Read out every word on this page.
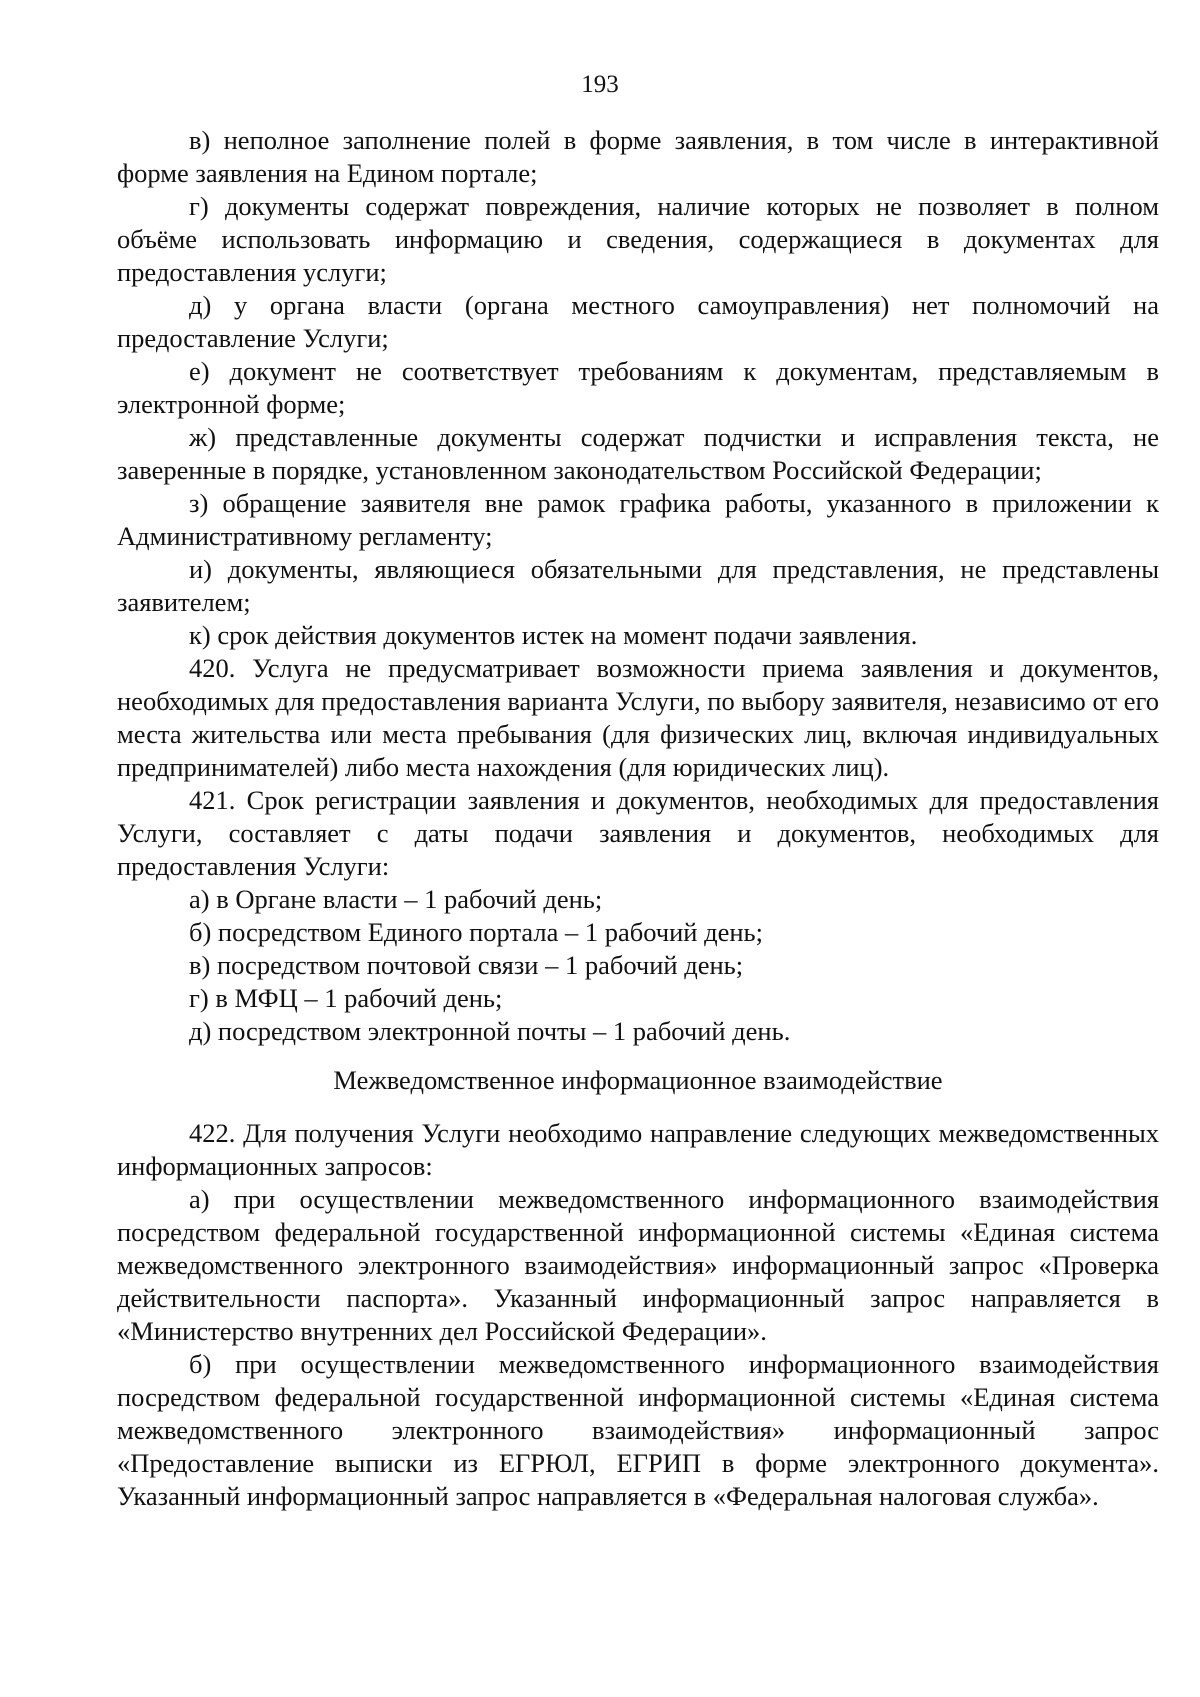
193

в) неполное заполнение полей в форме заявления, в том числе в интерактивной форме заявления на Едином портале;

г) документы содержат повреждения, наличие которых не позволяет в полном объёме использовать информацию и сведения, содержащиеся в документах для предоставления услуги;

д) у органа власти (органа местного самоуправления) нет полномочий на предоставление Услуги;

е) документ не соответствует требованиям к документам, представляемым в электронной форме;

ж) представленные документы содержат подчистки и исправления текста, не заверенные в порядке, установленном законодательством Российской Федерации;

з) обращение заявителя вне рамок графика работы, указанного в приложении к Административному регламенту;

и) документы, являющиеся обязательными для представления, не представлены заявителем;

к) срок действия документов истек на момент подачи заявления.

420. Услуга не предусматривает возможности приема заявления и документов, необходимых для предоставления варианта Услуги, по выбору заявителя, независимо от его места жительства или места пребывания (для физических лиц, включая индивидуальных предпринимателей) либо места нахождения (для юридических лиц).

421. Срок регистрации заявления и документов, необходимых для предоставления Услуги, составляет с даты подачи заявления и документов, необходимых для предоставления Услуги:

а) в Органе власти – 1 рабочий день;

б) посредством Единого портала – 1 рабочий день;

в) посредством почтовой связи – 1 рабочий день;

г) в МФЦ – 1 рабочий день;

д) посредством электронной почты – 1 рабочий день.

Межведомственное информационное взаимодействие

422. Для получения Услуги необходимо направление следующих межведомственных информационных запросов:

а) при осуществлении межведомственного информационного взаимодействия посредством федеральной государственной информационной системы «Единая система межведомственного электронного взаимодействия» информационный запрос «Проверка действительности паспорта». Указанный информационный запрос направляется в «Министерство внутренних дел Российской Федерации».

б) при осуществлении межведомственного информационного взаимодействия посредством федеральной государственной информационной системы «Единая система межведомственного электронного взаимодействия» информационный запрос «Предоставление выписки из ЕГРЮЛ, ЕГРИП в форме электронного документа». Указанный информационный запрос направляется в «Федеральная налоговая служба».
